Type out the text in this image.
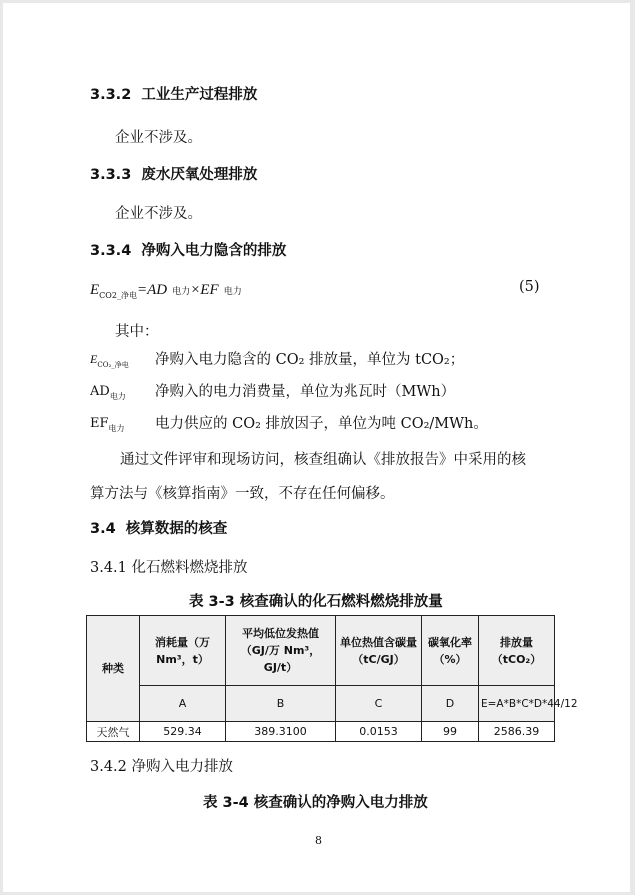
3.3.2 工业生产过程排放
企业不涉及。
3.3.3 废水厌氧处理排放
企业不涉及。
3.3.4 净购入电力隐含的排放
$E_{CO2\_净电}=AD$ 电力×EF 电力	(5)
其中：
$E_{CO_2\_净电}$ 净购入电力隐含的 CO₂ 排放量，单位为 tCO₂；
$AD_{电力}$ 净购入的电力消费量，单位为兆瓦时（MWh）
$EF_{电力}$ 电力供应的 CO₂ 排放因子，单位为吨 CO₂/MWh。
通过文件评审和现场访问，核查组确认《排放报告》中采用的核
算方法与《核算指南》一致，不存在任何偏移。
3.4 核算数据的核查
3.4.1 化石燃料燃烧排放
表 3-3 核查确认的化石燃料燃烧排放量
种类	消耗量（万 Nm³，t）	平均低位发热值（GJ/万 Nm³，GJ/t）	单位热值含碳量（tC/GJ）	碳氧化率（%）	排放量（tCO₂）
	A	B	C	D	E=A*B*C*D*44/12
天然气	529.34	389.3100	0.0153	99	2586.39
3.4.2 净购入电力排放
表 3-4 核查确认的净购入电力排放
8
